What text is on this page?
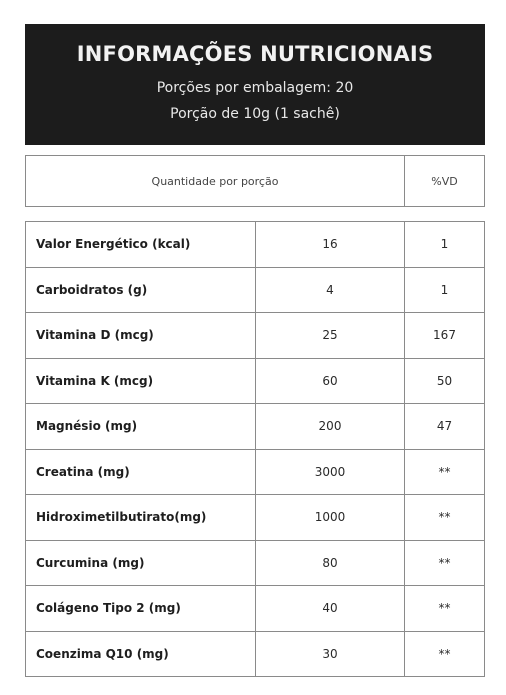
INFORMAÇÕES NUTRICIONAIS
Porções por embalagem: 20
Porção de 10g (1 sachê)
Quantidade por porção	%VD
Valor Energético (kcal)	16	1
Carboidratos (g)	4	1
Vitamina D (mcg)	25	167
Vitamina K (mcg)	60	50
Magnésio (mg)	200	47
Creatina (mg)	3000	**
Hidroximetilbutirato(mg)	1000	**
Curcumina (mg)	80	**
Colágeno Tipo 2 (mg)	40	**
Coenzima Q10 (mg)	30	**
